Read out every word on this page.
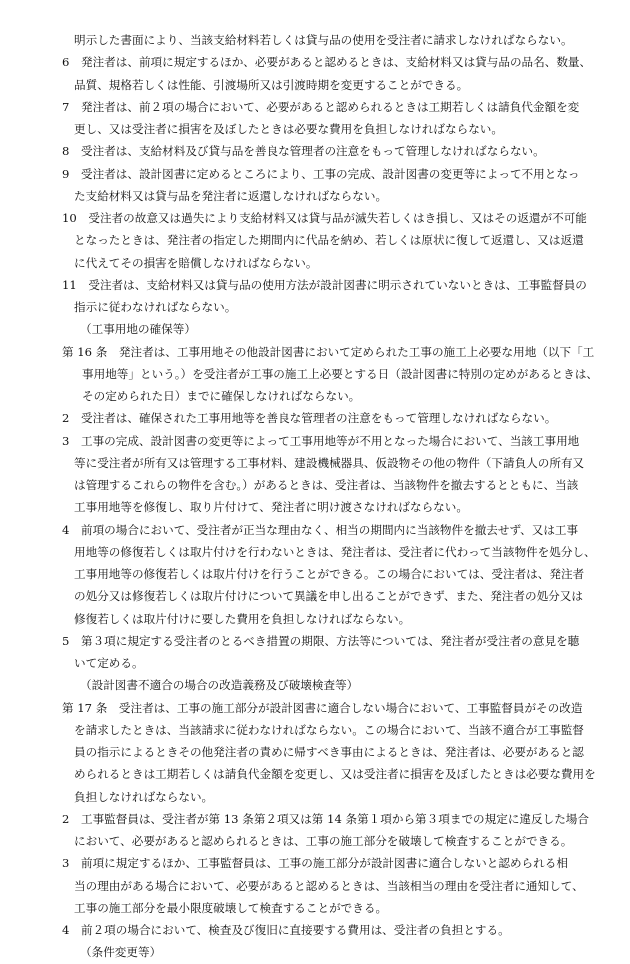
明示した書面により、当該支給材料若しくは貸与品の使用を受注者に請求しなければならない。
6　発注者は、前項に規定するほか、必要があると認めるときは、支給材料又は貸与品の品名、数量、
品質、規格若しくは性能、引渡場所又は引渡時期を変更することができる。
7　発注者は、前２項の場合において、必要があると認められるときは工期若しくは請負代金額を変
更し、又は受注者に損害を及ぼしたときは必要な費用を負担しなければならない。
8　受注者は、支給材料及び貸与品を善良な管理者の注意をもって管理しなければならない。
9　受注者は、設計図書に定めるところにより、工事の完成、設計図書の変更等によって不用となっ
た支給材料又は貸与品を発注者に返還しなければならない。
10　受注者の故意又は過失により支給材料又は貸与品が滅失若しくはき損し、又はその返還が不可能
となったときは、発注者の指定した期間内に代品を納め、若しくは原状に復して返還し、又は返還
に代えてその損害を賠償しなければならない。
11　受注者は、支給材料又は貸与品の使用方法が設計図書に明示されていないときは、工事監督員の
指示に従わなければならない。
（工事用地の確保等）
第 16 条　発注者は、工事用地その他設計図書において定められた工事の施工上必要な用地（以下「工
事用地等」という。）を受注者が工事の施工上必要とする日（設計図書に特別の定めがあるときは、
その定められた日）までに確保しなければならない。
2　受注者は、確保された工事用地等を善良な管理者の注意をもって管理しなければならない。
3　工事の完成、設計図書の変更等によって工事用地等が不用となった場合において、当該工事用地
等に受注者が所有又は管理する工事材料、建設機械器具、仮設物その他の物件（下請負人の所有又
は管理するこれらの物件を含む。）があるときは、受注者は、当該物件を撤去するとともに、当該
工事用地等を修復し、取り片付けて、発注者に明け渡さなければならない。
4　前項の場合において、受注者が正当な理由なく、相当の期間内に当該物件を撤去せず、又は工事
用地等の修復若しくは取片付けを行わないときは、発注者は、受注者に代わって当該物件を処分し、
工事用地等の修復若しくは取片付けを行うことができる。この場合においては、受注者は、発注者
の処分又は修復若しくは取片付けについて異議を申し出ることができず、また、発注者の処分又は
修復若しくは取片付けに要した費用を負担しなければならない。
5　第３項に規定する受注者のとるべき措置の期限、方法等については、発注者が受注者の意見を聴
いて定める。
（設計図書不適合の場合の改造義務及び破壊検査等）
第 17 条　受注者は、工事の施工部分が設計図書に適合しない場合において、工事監督員がその改造
を請求したときは、当該請求に従わなければならない。この場合において、当該不適合が工事監督
員の指示によるときその他発注者の責めに帰すべき事由によるときは、発注者は、必要があると認
められるときは工期若しくは請負代金額を変更し、又は受注者に損害を及ぼしたときは必要な費用を
負担しなければならない。
2　工事監督員は、受注者が第 13 条第２項又は第 14 条第１項から第３項までの規定に違反した場合
において、必要があると認められるときは、工事の施工部分を破壊して検査することができる。
3　前項に規定するほか、工事監督員は、工事の施工部分が設計図書に適合しないと認められる相
当の理由がある場合において、必要があると認めるときは、当該相当の理由を受注者に通知して、
工事の施工部分を最小限度破壊して検査することができる。
4　前２項の場合において、検査及び復旧に直接要する費用は、受注者の負担とする。
（条件変更等）
